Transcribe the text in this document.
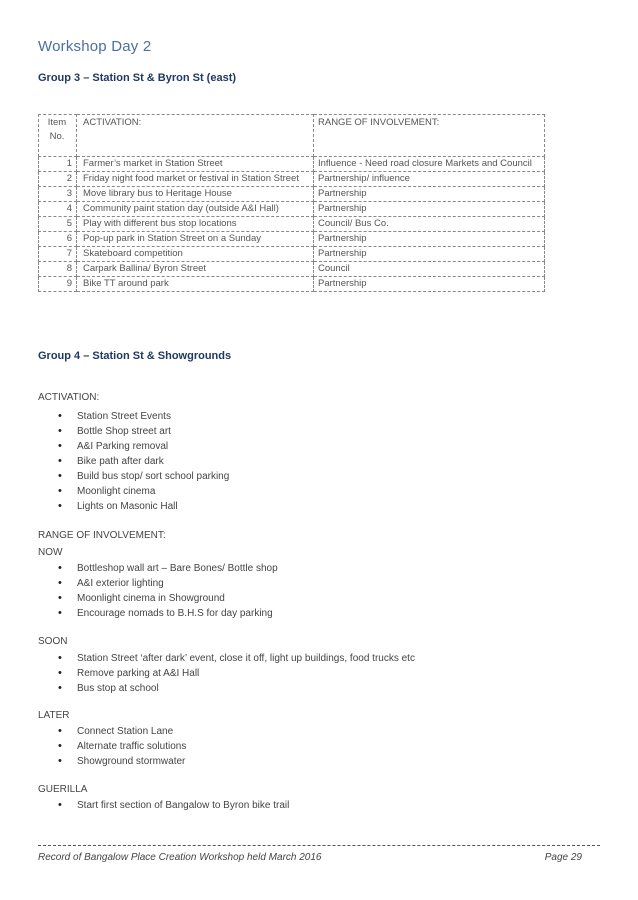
Workshop Day 2
Group 3 – Station St & Byron St (east)
Item
No.	ACTIVATION:	RANGE OF INVOLVEMENT:
1	Farmer’s market in Station Street	Influence - Need road closure Markets and Council
2	Friday night food market or festival in Station Street	Partnership/ influence
3	Move library bus to Heritage House	Partnership
4	Community paint station day (outside A&I Hall)	Partnership
5	Play with different bus stop locations	Council/ Bus Co.
6	Pop-up park in Station Street on a Sunday	Partnership
7	Skateboard competition	Partnership
8	Carpark Ballina/ Byron Street	Council
9	Bike TT around park	Partnership
Group 4 – Station St & Showgrounds
ACTIVATION:
• Station Street Events
• Bottle Shop street art
• A&I Parking removal
• Bike path after dark
• Build bus stop/ sort school parking
• Moonlight cinema
• Lights on Masonic Hall
RANGE OF INVOLVEMENT:
NOW
• Bottleshop wall art – Bare Bones/ Bottle shop
• A&I exterior lighting
• Moonlight cinema in Showground
• Encourage nomads to B.H.S for day parking
SOON
• Station Street ‘after dark’ event, close it off, light up buildings, food trucks etc
• Remove parking at A&I Hall
• Bus stop at school
LATER
• Connect Station Lane
• Alternate traffic solutions
• Showground stormwater
GUERILLA
• Start first section of Bangalow to Byron bike trail
Record of Bangalow Place Creation Workshop held March 2016	Page 29
